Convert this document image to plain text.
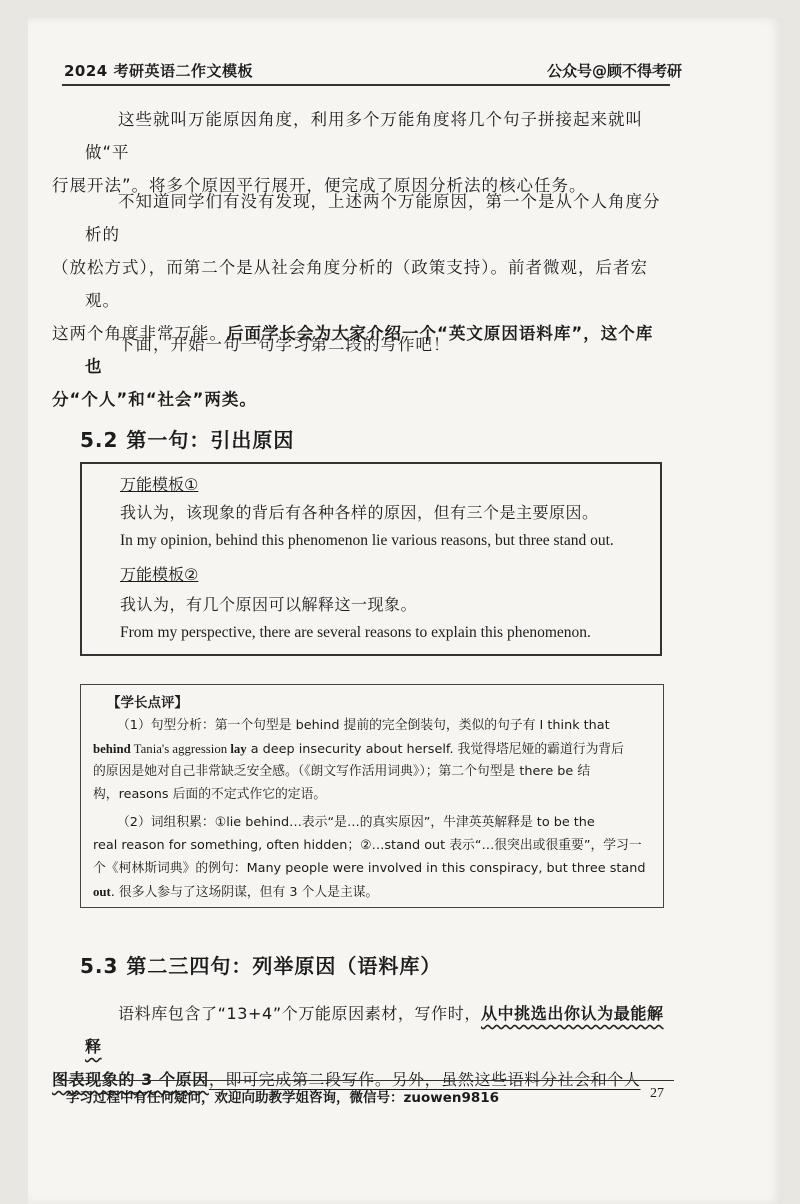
2024 考研英语二作文模板	公众号@顾不得考研
这些就叫万能原因角度，利用多个万能角度将几个句子拼接起来就叫做“平
行展开法”。将多个原因平行展开，便完成了原因分析法的核心任务。
不知道同学们有没有发现，上述两个万能原因，第一个是从个人角度分析的
（放松方式），而第二个是从社会角度分析的（政策支持）。前者微观，后者宏观。
这两个角度非常万能。后面学长会为大家介绍一个“英文原因语料库”，这个库也
分“个人”和“社会”两类。
下面，开始一句一句学习第二段的写作吧！
5.2 第一句：引出原因
万能模板①
我认为，该现象的背后有各种各样的原因，但有三个是主要原因。
In my opinion, behind this phenomenon lie various reasons, but three stand out.
万能模板②
我认为，有几个原因可以解释这一现象。
From my perspective, there are several reasons to explain this phenomenon.
【学长点评】
（1）句型分析：第一个句型是 behind 提前的完全倒装句，类似的句子有 I think that
behind Tania's aggression lay a deep insecurity about herself. 我觉得塔尼娅的霸道行为背后
的原因是她对自己非常缺乏安全感。（《朗文写作活用词典》）；第二个句型是 there be 结
构，reasons 后面的不定式作它的定语。
（2）词组积累：①lie behind…表示“是…的真实原因”，牛津英英解释是 to be the
real reason for something, often hidden；②…stand out 表示“…很突出或很重要”，学习一
个《柯林斯词典》的例句：Many people were involved in this conspiracy, but three stand
out. 很多人参与了这场阴谋，但有 3 个人是主谋。
5.3 第二三四句：列举原因（语料库）
语料库包含了“13+4”个万能原因素材，写作时，从中挑选出你认为最能解释
图表现象的 3 个原因，即可完成第二段写作。另外，虽然这些语料分社会和个人
学习过程中有任何疑问，欢迎向助教学姐咨询，微信号：zuowen9816	27
